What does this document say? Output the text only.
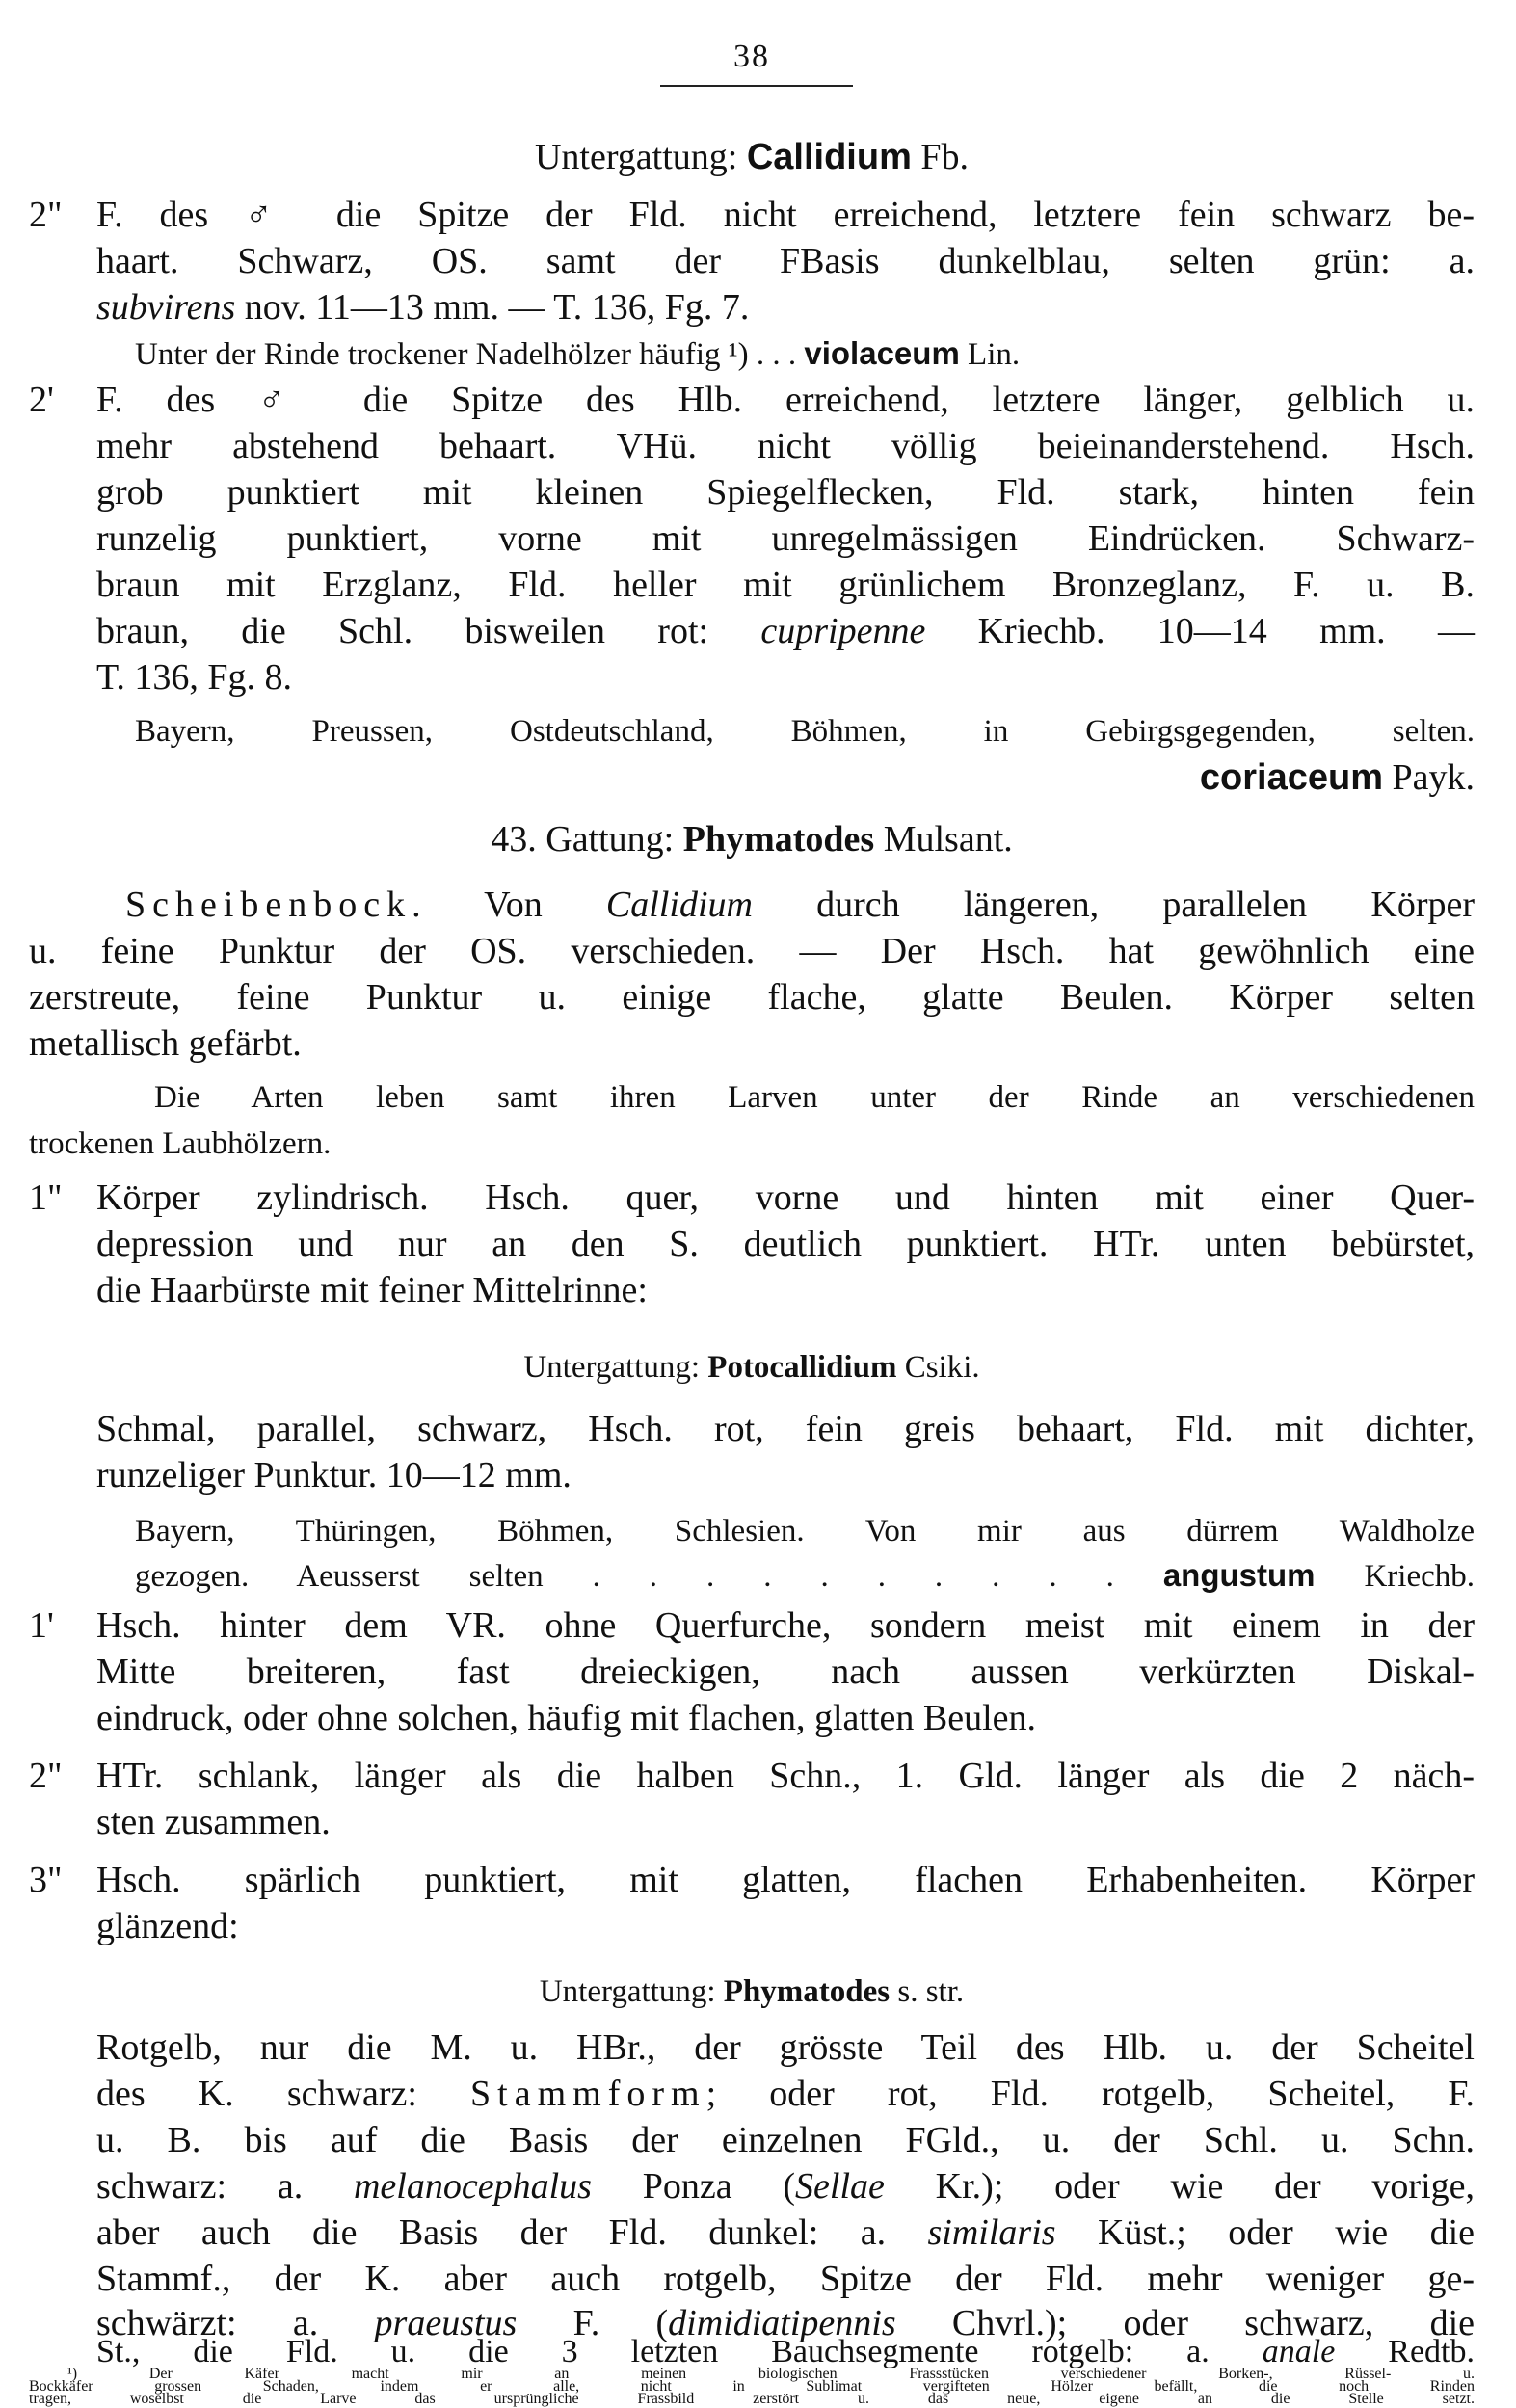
38
Untergattung: Callidium Fb.
2" F. des ♂ die Spitze der Fld. nicht erreichend, letztere fein schwarz be-
haart. Schwarz, OS. samt der FBasis dunkelblau, selten grün: a.
subvirens nov. 11—13 mm. — T. 136, Fg. 7.
Unter der Rinde trockener Nadelhölzer häufig ¹) . . . violaceum Lin.
2'	F. des ♂ die Spitze des Hlb. erreichend, letztere länger, gelblich u.
mehr abstehend behaart. VHü. nicht völlig beieinanderstehend. Hsch.
grob punktiert mit kleinen Spiegelflecken, Fld. stark, hinten fein
runzelig punktiert, vorne mit unregelmässigen Eindrücken. Schwarz-
braun mit Erzglanz, Fld. heller mit grünlichem Bronzeglanz, F. u. B.
braun, die Schl. bisweilen rot: cupripenne Kriechb. 10—14 mm. —
T. 136, Fg. 8.
Bayern, Preussen, Ostdeutschland, Böhmen, in Gebirgsgegenden, selten.
coriaceum Payk.
43. Gattung: Phymatodes Mulsant.
Scheibenbock. Von Callidium durch längeren, parallelen Körper
u. feine Punktur der OS. verschieden. — Der Hsch. hat gewöhnlich eine
zerstreute, feine Punktur u. einige flache, glatte Beulen. Körper selten
metallisch gefärbt.
Die Arten leben samt ihren Larven unter der Rinde an verschiedenen
trockenen Laubhölzern.
1" Körper zylindrisch. Hsch. quer, vorne und hinten mit einer Quer-
depression und nur an den S. deutlich punktiert. HTr. unten bebürstet,
die Haarbürste mit feiner Mittelrinne:
Untergattung: Potocallidium Csiki.
Schmal, parallel, schwarz, Hsch. rot, fein greis behaart, Fld. mit dichter,
runzeliger Punktur. 10—12 mm.
Bayern, Thüringen, Böhmen, Schlesien. Von mir aus dürrem Waldholze
gezogen. Aeusserst selten . . . . . . . . . . angustum Kriechb.
1'	Hsch. hinter dem VR. ohne Querfurche, sondern meist mit einem in der
Mitte breiteren, fast dreieckigen, nach aussen verkürzten Diskal-
eindruck, oder ohne solchen, häufig mit flachen, glatten Beulen.
2" HTr. schlank, länger als die halben Schn., 1. Gld. länger als die 2 näch-
sten zusammen.
3" Hsch. spärlich punktiert, mit glatten, flachen Erhabenheiten. Körper
glänzend:
Untergattung: Phymatodes s. str.
Rotgelb, nur die M. u. HBr., der grösste Teil des Hlb. u. der Scheitel
des K. schwarz: Stammform; oder rot, Fld. rotgelb, Scheitel, F.
u. B. bis auf die Basis der einzelnen FGld., u. der Schl. u. Schn.
schwarz: a. melanocephalus Ponza (Sellae Kr.); oder wie der vorige,
aber auch die Basis der Fld. dunkel: a. similaris Küst.; oder wie die
Stammf., der K. aber auch rotgelb, Spitze der Fld. mehr weniger ge-
schwärzt: a. praeustus F. (dimidiatipennis Chvrl.); oder schwarz, die
St., die Fld. u. die 3 letzten Bauchsegmente rotgelb: a. anale Redtb.
¹) Der Käfer macht mir an meinen biologischen Frassstücken verschiedener Borken-, Rüssel- u.
Bockkäfer grossen Schaden, indem er alle, nicht in Sublimat vergifteten Hölzer befällt, die noch Rinden
tragen, woselbst die Larve das ursprüngliche Frassbild zerstört u. das neue, eigene an die Stelle setzt.
